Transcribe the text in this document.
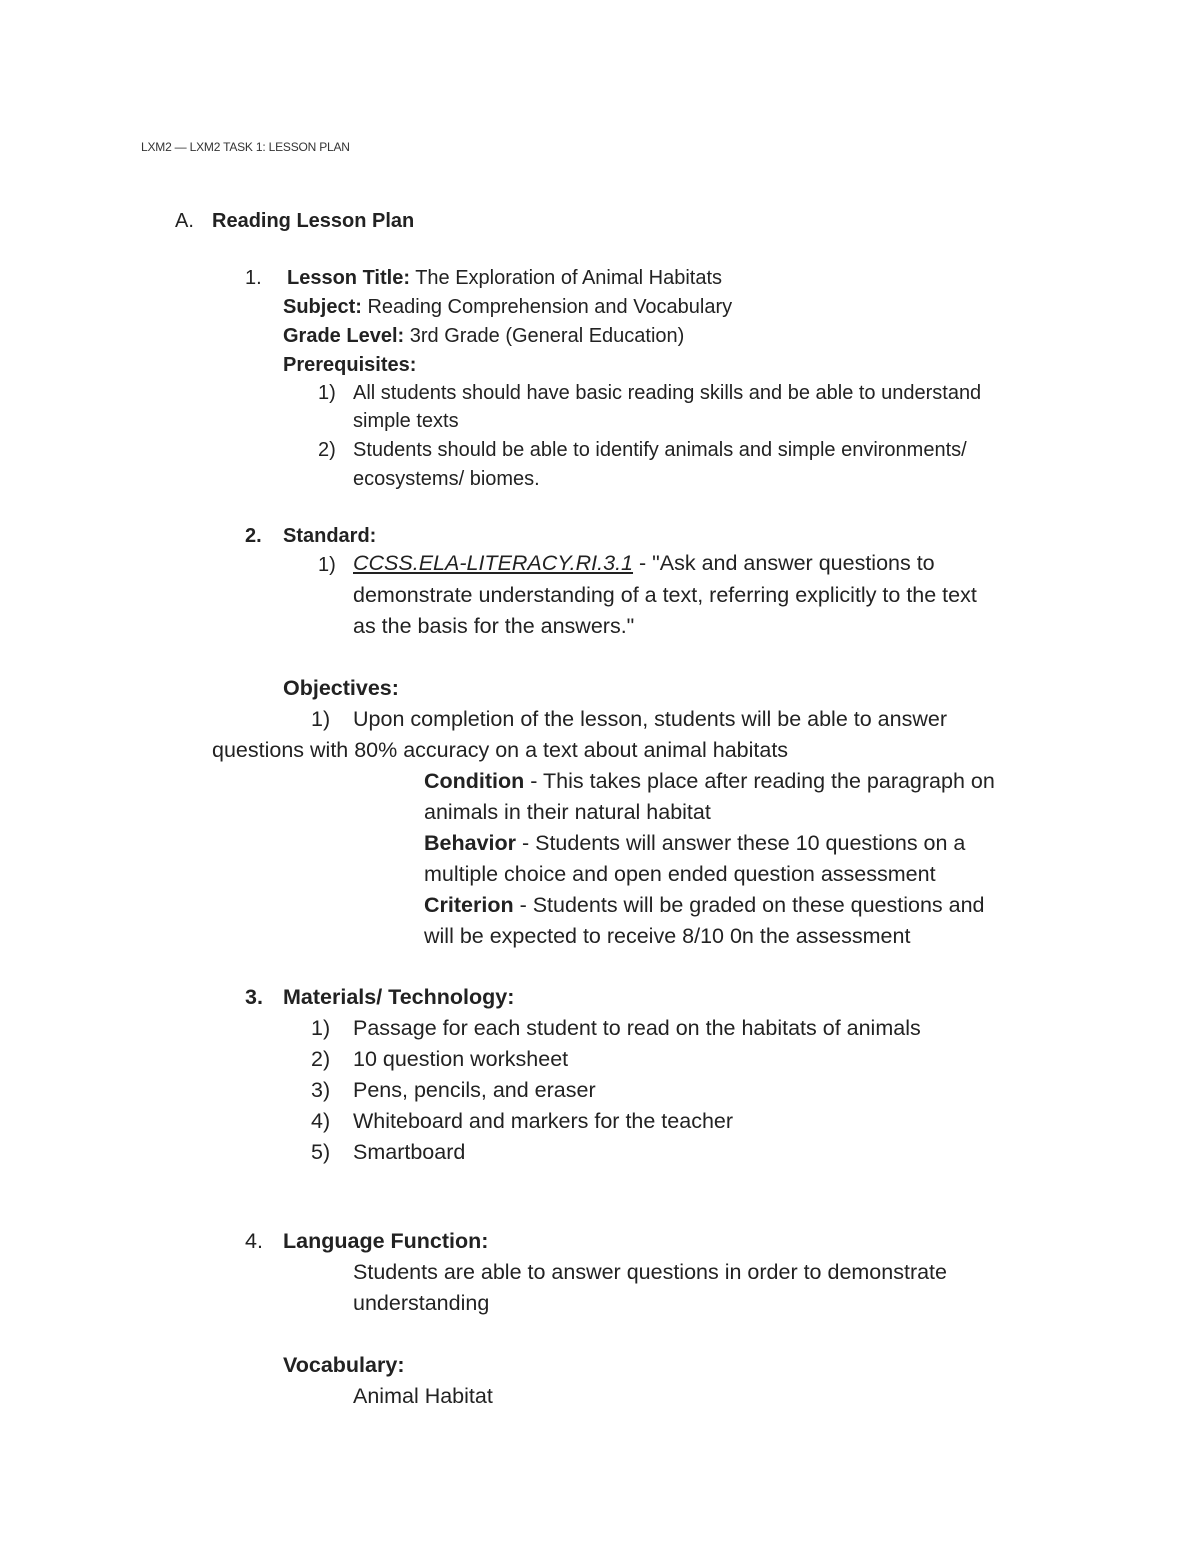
LXM2 — LXM2 TASK 1: LESSON PLAN
A. Reading Lesson Plan
1. Lesson Title: The Exploration of Animal Habitats
Subject: Reading Comprehension and Vocabulary
Grade Level: 3rd Grade (General Education)
Prerequisites:
1) All students should have basic reading skills and be able to understand
simple texts
2) Students should be able to identify animals and simple environments/
ecosystems/ biomes.
2. Standard:
1) CCSS.ELA-LITERACY.RI.3.1 - "Ask and answer questions to
demonstrate understanding of a text, referring explicitly to the text
as the basis for the answers."
Objectives:
1) Upon completion of the lesson, students will be able to answer
questions with 80% accuracy on a text about animal habitats
Condition - This takes place after reading the paragraph on
animals in their natural habitat
Behavior - Students will answer these 10 questions on a
multiple choice and open ended question assessment
Criterion - Students will be graded on these questions and
will be expected to receive 8/10 0n the assessment
3. Materials/ Technology:
1) Passage for each student to read on the habitats of animals
2) 10 question worksheet
3) Pens, pencils, and eraser
4) Whiteboard and markers for the teacher
5) Smartboard
4. Language Function:
Students are able to answer questions in order to demonstrate
understanding
Vocabulary:
Animal Habitat
